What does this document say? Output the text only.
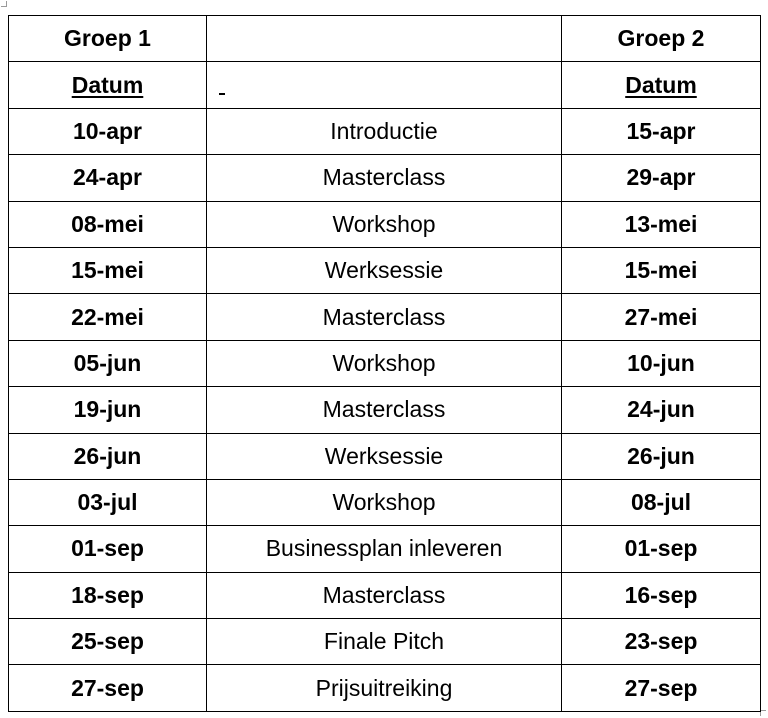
Groep 1		Groep 2
Datum		Datum
10-apr	Introductie	15-apr
24-apr	Masterclass	29-apr
08-mei	Workshop	13-mei
15-mei	Werksessie	15-mei
22-mei	Masterclass	27-mei
05-jun	Workshop	10-jun
19-jun	Masterclass	24-jun
26-jun	Werksessie	26-jun
03-jul	Workshop	08-jul
01-sep	Businessplan inleveren	01-sep
18-sep	Masterclass	16-sep
25-sep	Finale Pitch	23-sep
27-sep	Prijsuitreiking	27-sep
